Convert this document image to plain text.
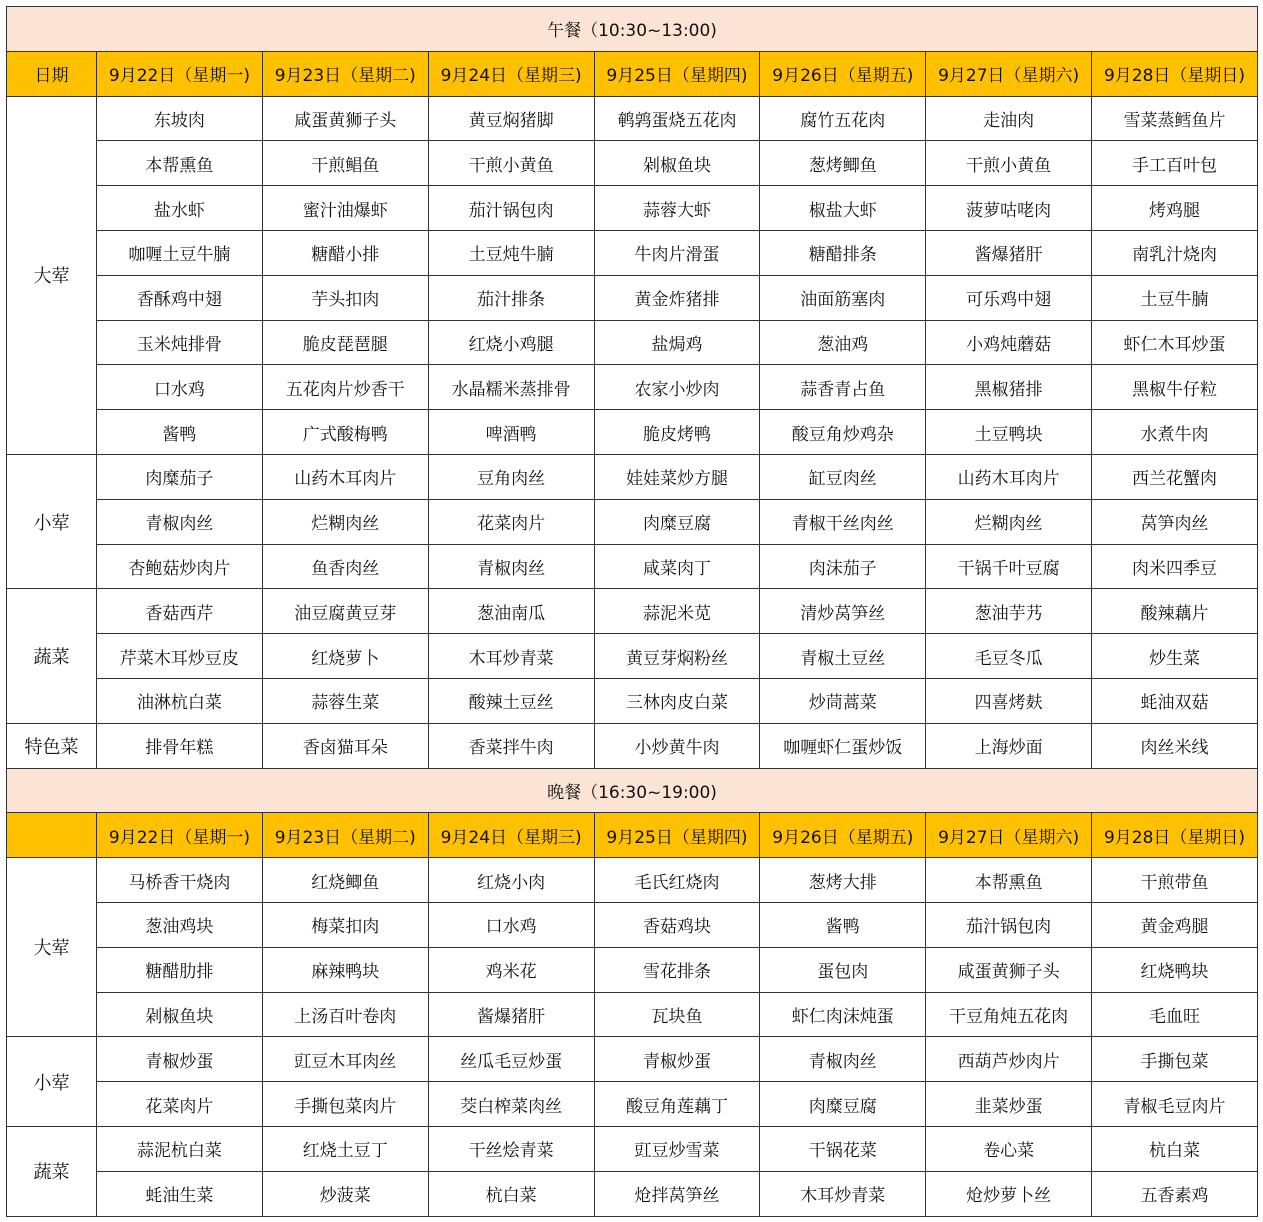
午餐（10:30~13:00)							
日期	9月22日（星期一)	9月23日（星期二)	9月24日（星期三)	9月25日（星期四)	9月26日（星期五)	9月27日（星期六)	9月28日（星期日)
大荤	东坡肉	咸蛋黄狮子头	黄豆焖猪脚	鹌鹑蛋烧五花肉	腐竹五花肉	走油肉	雪菜蒸鳕鱼片
	本帮熏鱼	干煎鲳鱼	干煎小黄鱼	剁椒鱼块	葱烤鲫鱼	干煎小黄鱼	手工百叶包
	盐水虾	蜜汁油爆虾	茄汁锅包肉	蒜蓉大虾	椒盐大虾	菠萝咕咾肉	烤鸡腿
	咖喱土豆牛腩	糖醋小排	土豆炖牛腩	牛肉片滑蛋	糖醋排条	酱爆猪肝	南乳汁烧肉
	香酥鸡中翅	芋头扣肉	茄汁排条	黄金炸猪排	油面筋塞肉	可乐鸡中翅	土豆牛腩
	玉米炖排骨	脆皮琵琶腿	红烧小鸡腿	盐焗鸡	葱油鸡	小鸡炖蘑菇	虾仁木耳炒蛋
	口水鸡	五花肉片炒香干	水晶糯米蒸排骨	农家小炒肉	蒜香青占鱼	黑椒猪排	黑椒牛仔粒
	酱鸭	广式酸梅鸭	啤酒鸭	脆皮烤鸭	酸豆角炒鸡杂	土豆鸭块	水煮牛肉
小荤	肉糜茄子	山药木耳肉片	豆角肉丝	娃娃菜炒方腿	缸豆肉丝	山药木耳肉片	西兰花蟹肉
	青椒肉丝	烂糊肉丝	花菜肉片	肉糜豆腐	青椒干丝肉丝	烂糊肉丝	莴笋肉丝
	杏鲍菇炒肉片	鱼香肉丝	青椒肉丝	咸菜肉丁	肉沫茄子	干锅千叶豆腐	肉米四季豆
蔬菜	香菇西芹	油豆腐黄豆芽	葱油南瓜	蒜泥米苋	清炒莴笋丝	葱油芋艿	酸辣藕片
	芹菜木耳炒豆皮	红烧萝卜	木耳炒青菜	黄豆芽焖粉丝	青椒土豆丝	毛豆冬瓜	炒生菜
	油淋杭白菜	蒜蓉生菜	酸辣土豆丝	三林肉皮白菜	炒茼蒿菜	四喜烤麸	蚝油双菇
特色菜	排骨年糕	香卤猫耳朵	香菜拌牛肉	小炒黄牛肉	咖喱虾仁蛋炒饭	上海炒面	肉丝米线
晚餐（16:30~19:00)							
	9月22日（星期一)	9月23日（星期二)	9月24日（星期三)	9月25日（星期四)	9月26日（星期五)	9月27日（星期六)	9月28日（星期日)
大荤	马桥香干烧肉	红烧鲫鱼	红烧小肉	毛氏红烧肉	葱烤大排	本帮熏鱼	干煎带鱼
	葱油鸡块	梅菜扣肉	口水鸡	香菇鸡块	酱鸭	茄汁锅包肉	黄金鸡腿
	糖醋肋排	麻辣鸭块	鸡米花	雪花排条	蛋包肉	咸蛋黄狮子头	红烧鸭块
	剁椒鱼块	上汤百叶卷肉	酱爆猪肝	瓦块鱼	虾仁肉沫炖蛋	干豆角炖五花肉	毛血旺
小荤	青椒炒蛋	豇豆木耳肉丝	丝瓜毛豆炒蛋	青椒炒蛋	青椒肉丝	西葫芦炒肉片	手撕包菜
	花菜肉片	手撕包菜肉片	茭白榨菜肉丝	酸豆角莲藕丁	肉糜豆腐	韭菜炒蛋	青椒毛豆肉片
蔬菜	蒜泥杭白菜	红烧土豆丁	干丝烩青菜	豇豆炒雪菜	干锅花菜	卷心菜	杭白菜
	蚝油生菜	炒菠菜	杭白菜	炝拌莴笋丝	木耳炒青菜	炝炒萝卜丝	五香素鸡
